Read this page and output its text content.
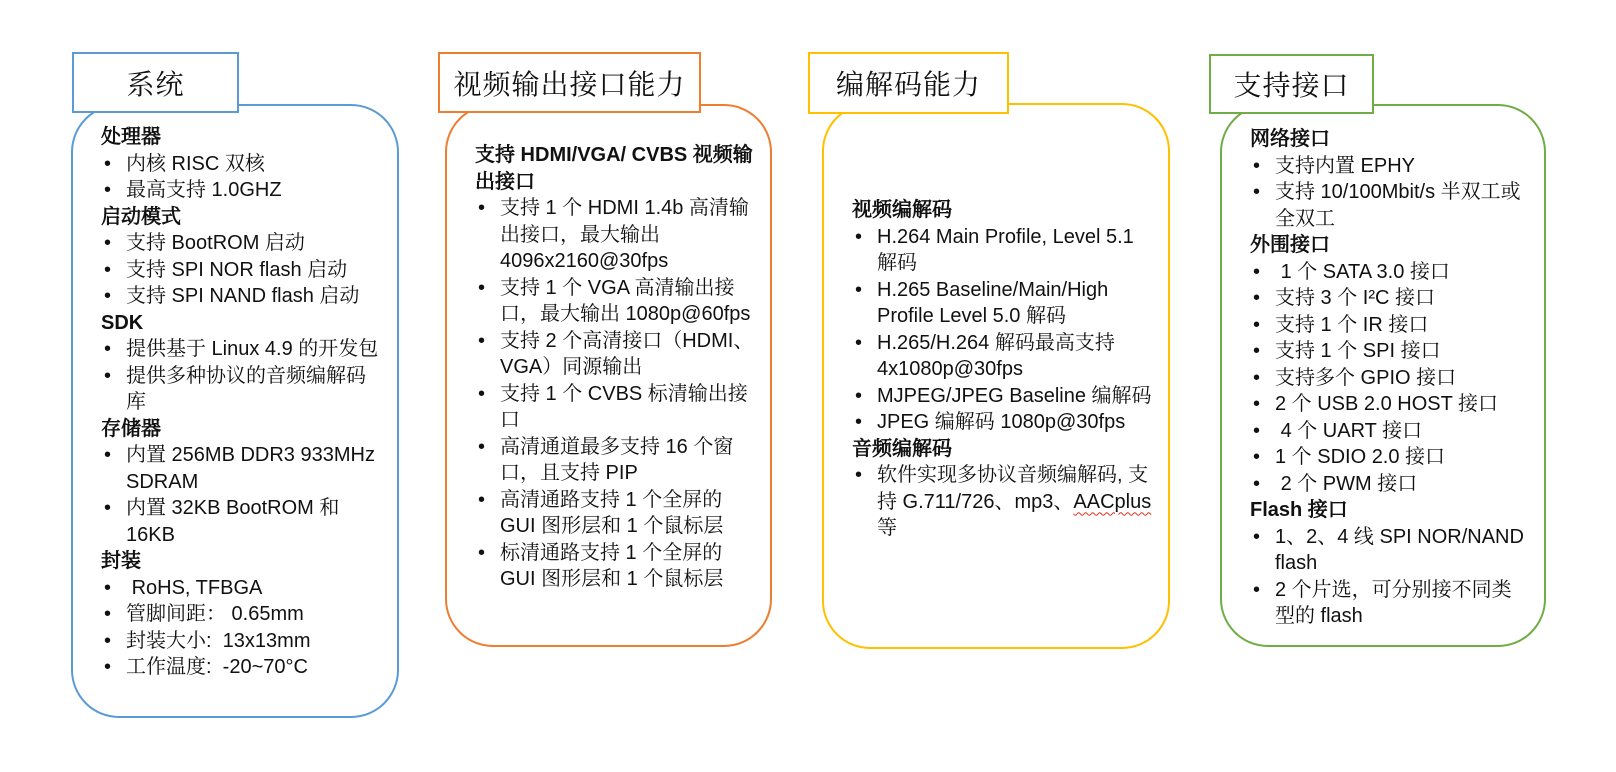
系统
处理器
• 内核 RISC 双核
• 最高支持 1.0GHZ
启动模式
• 支持 BootROM 启动
• 支持 SPI NOR flash 启动
• 支持 SPI NAND flash 启动
SDK
• 提供基于 Linux 4.9 的开发包
• 提供多种协议的音频编解码库
存储器
• 内置 256MB DDR3 933MHz SDRAM
• 内置 32KB BootROM 和 16KB
封装
•  RoHS, TFBGA
• 管脚间距： 0.65mm
• 封装大小:  13x13mm
• 工作温度:  -20~70°C
视频输出接口能力
支持 HDMI/VGA/ CVBS 视频输出接口
• 支持 1 个 HDMI 1.4b 高清输出接口，最大输出 4096x2160@30fps
• 支持 1 个 VGA 高清输出接口，最大输出 1080p@60fps
• 支持 2 个高清接口（HDMI、VGA）同源输出
• 支持 1 个 CVBS 标清输出接口
• 高清通道最多支持 16 个窗口，且支持 PIP
• 高清通路支持 1 个全屏的 GUI 图形层和 1 个鼠标层
• 标清通路支持 1 个全屏的 GUI 图形层和 1 个鼠标层
编解码能力
视频编解码
• H.264 Main Profile, Level 5.1 解码
• H.265 Baseline/Main/High Profile Level 5.0 解码
• H.265/H.264 解码最高支持 4x1080p@30fps
• MJPEG/JPEG Baseline 编解码
• JPEG 编解码 1080p@30fps
音频编解码
• 软件实现多协议音频编解码, 支持 G.711/726、mp3、AACplus 等
支持接口
网络接口
• 支持内置 EPHY
• 支持 10/100Mbit/s 半双工或全双工
外围接口
•  1 个 SATA 3.0 接口
• 支持 3 个 I²C 接口
• 支持 1 个 IR 接口
• 支持 1 个 SPI 接口
• 支持多个 GPIO 接口
• 2 个 USB 2.0 HOST 接口
•  4 个 UART 接口
• 1 个 SDIO 2.0 接口
•  2 个 PWM 接口
Flash 接口
• 1、2、4 线 SPI NOR/NAND flash
• 2 个片选，可分别接不同类型的 flash
